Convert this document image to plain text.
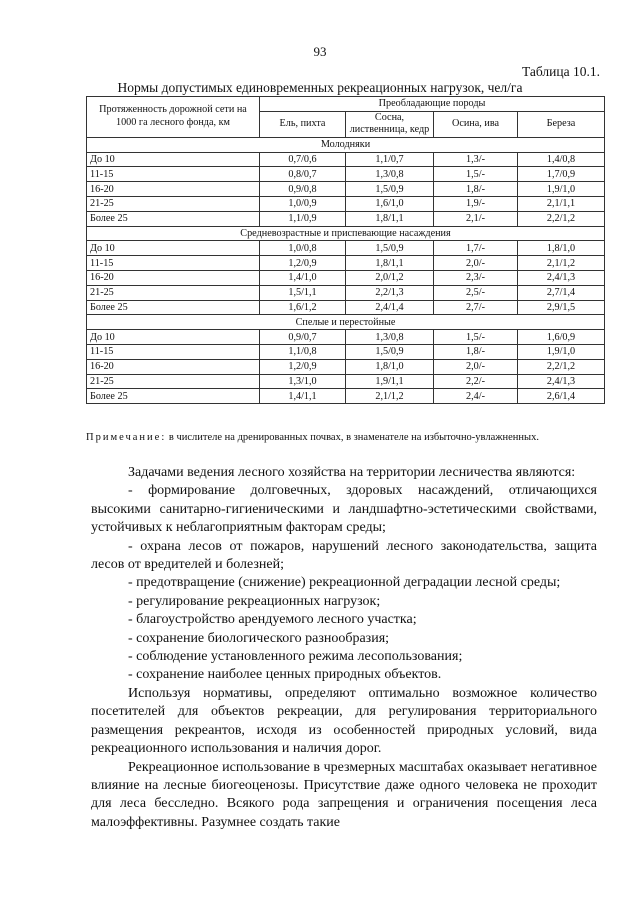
93
Таблица 10.1.
Нормы допустимых единовременных рекреационных нагрузок, чел/га
Протяженность дорожной сети на 1000 га лесного фонда, км	Преобладающие породы			
	Ель, пихта	Сосна, лиственница, кедр	Осина, ива	Береза
Молодняки				
До 10	0,7/0,6	1,1/0,7	1,3/-	1,4/0,8
11-15	0,8/0,7	1,3/0,8	1,5/-	1,7/0,9
16-20	0,9/0,8	1,5/0,9	1,8/-	1,9/1,0
21-25	1,0/0,9	1,6/1,0	1,9/-	2,1/1,1
Более 25	1,1/0,9	1,8/1,1	2,1/-	2,2/1,2
Средневозрастные и приспевающие насаждения				
До 10	1,0/0,8	1,5/0,9	1,7/-	1,8/1,0
11-15	1,2/0,9	1,8/1,1	2,0/-	2,1/1,2
16-20	1,4/1,0	2,0/1,2	2,3/-	2,4/1,3
21-25	1,5/1,1	2,2/1,3	2,5/-	2,7/1,4
Более 25	1,6/1,2	2,4/1,4	2,7/-	2,9/1,5
Спелые и перестойные				
До 10	0,9/0,7	1,3/0,8	1,5/-	1,6/0,9
11-15	1,1/0,8	1,5/0,9	1,8/-	1,9/1,0
16-20	1,2/0,9	1,8/1,0	2,0/-	2,2/1,2
21-25	1,3/1,0	1,9/1,1	2,2/-	2,4/1,3
Более 25	1,4/1,1	2,1/1,2	2,4/-	2,6/1,4
Примечание: в числителе на дренированных почвах, в знаменателе на избыточно-увлажненных.

Задачами ведения лесного хозяйства на территории лесничества являются:

- формирование долговечных, здоровых насаждений, отличающихся высокими санитарно-гигиеническими и ландшафтно-эстетическими свойствами, устойчивых к неблагоприятным факторам среды;

- охрана лесов от пожаров, нарушений лесного законодательства, защита лесов от вредителей и болезней;

- предотвращение (снижение) рекреационной деградации лесной среды;

- регулирование рекреационных нагрузок;
- благоустройство арендуемого лесного участка;
- сохранение биологического разнообразия;
- соблюдение установленного режима лесопользования;
- сохранение наиболее ценных природных объектов.

Используя нормативы, определяют оптимально возможное количество посетителей для объектов рекреации, для регулирования территориального размещения рекреантов, исходя из особенностей природных условий, вида рекреационного использования и наличия дорог.

Рекреационное использование в чрезмерных масштабах оказывает негативное влияние на лесные биогеоценозы. Присутствие даже одного человека не проходит для леса бесследно. Всякого рода запрещения и ограничения посещения леса малоэффективны. Разумнее создать такие
